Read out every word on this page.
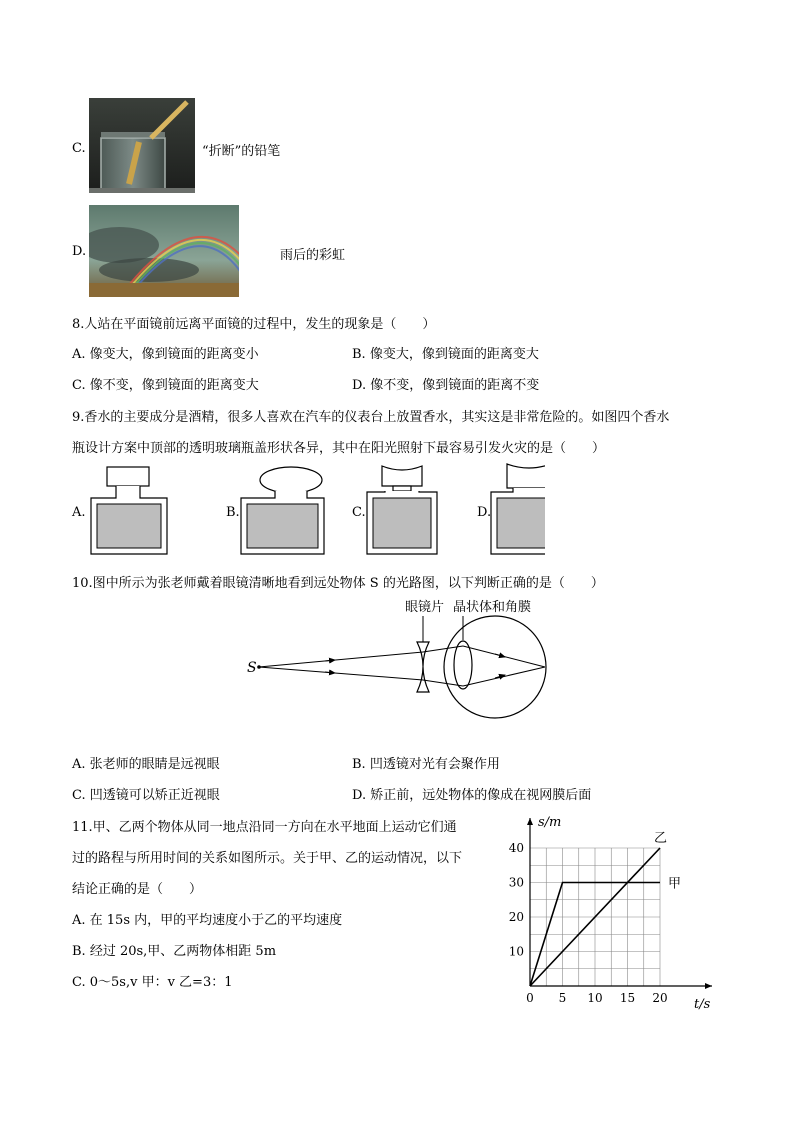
C.	“折断”的铅笔
D.	雨后的彩虹
8.人站在平面镜前远离平面镜的过程中，发生的现象是（　　）
A. 像变大，像到镜面的距离变小	B. 像变大，像到镜面的距离变大
C. 像不变，像到镜面的距离变大	D. 像不变，像到镜面的距离不变
9.香水的主要成分是酒精，很多人喜欢在汽车的仪表台上放置香水，其实这是非常危险的。如图四个香水
瓶设计方案中顶部的透明玻璃瓶盖形状各异，其中在阳光照射下最容易引发火灾的是（　　）
A.	B.	C.	D.
10.图中所示为张老师戴着眼镜清晰地看到远处物体 S 的光路图，以下判断正确的是（　　）
眼镜片 晶状体和角膜
S
A. 张老师的眼睛是远视眼	B. 凹透镜对光有会聚作用
C. 凹透镜可以矫正近视眼	D. 矫正前，远处物体的像成在视网膜后面
11.甲、乙两个物体从同一地点沿同一方向在水平地面上运动它们通
过的路程与所用时间的关系如图所示。关于甲、乙的运动情况，以下
结论正确的是（　　）
A. 在 15s 内，甲的平均速度小于乙的平均速度
B. 经过 20s,甲、乙两物体相距 5m
C. 0～5s,v 甲：v 乙=3：1
s/m
t/s
0 5 10 15 20
10
20
30
40
甲
乙
